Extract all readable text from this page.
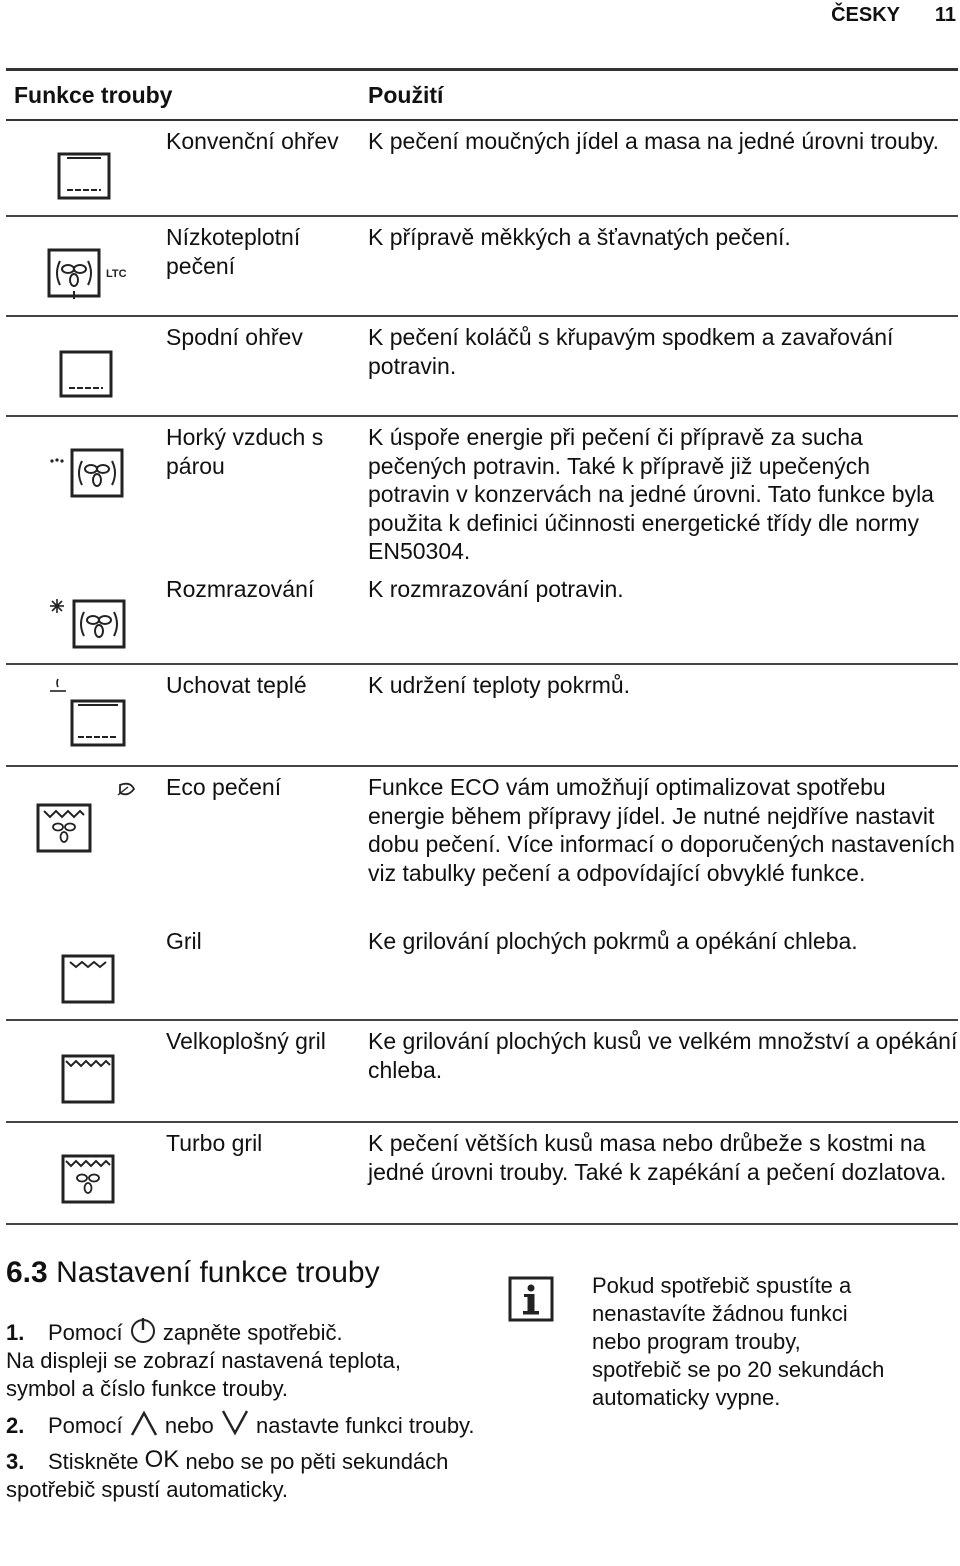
ČESKY 11
Funkce trouby		Použití

	Konvenční ohřev	K pečení moučných jídel a masa na jedné úrovni trouby.

LTC	Nízkoteplotní pečení	K přípravě měkkých a šťavnatých pečení.

	Spodní ohřev	K pečení koláčů s křupavým spodkem a zavařování potravin.

	Horký vzduch s párou	K úspoře energie při pečení či přípravě za sucha pečených potravin. Také k přípravě již upečených potravin v konzervách na jedné úrovni. Tato funkce byla použita k definici účinnosti energetické třídy dle normy EN50304.

	Rozmrazování	K rozmrazování potravin.

	Uchovat teplé	K udržení teploty pokrmů.

	Eco pečení	Funkce ECO vám umožňují optimalizovat spotřebu energie během přípravy jídel. Je nutné nejdříve nastavit dobu pečení. Více informací o doporučených nastaveních viz tabulky pečení a odpovídající obvyklé funkce.

	Gril	Ke grilování plochých pokrmů a opékání chleba.

	Velkoplošný gril	Ke grilování plochých kusů ve velkém množství a opékání chleba.

	Turbo gril	K pečení větších kusů masa nebo drůbeže s kostmi na jedné úrovni trouby. Také k zapékání a pečení dozlatova.
6.3 Nastavení funkce trouby
1. Pomocí zapněte spotřebič.
Na displeji se zobrazí nastavená teplota, symbol a číslo funkce trouby.
2. Pomocí nebo nastavte funkci trouby.
3. Stiskněte OK nebo se po pěti sekundách spotřebič spustí automaticky.
Pokud spotřebič spustíte a nenastavíte žádnou funkci nebo program trouby, spotřebič se po 20 sekundách automaticky vypne.
